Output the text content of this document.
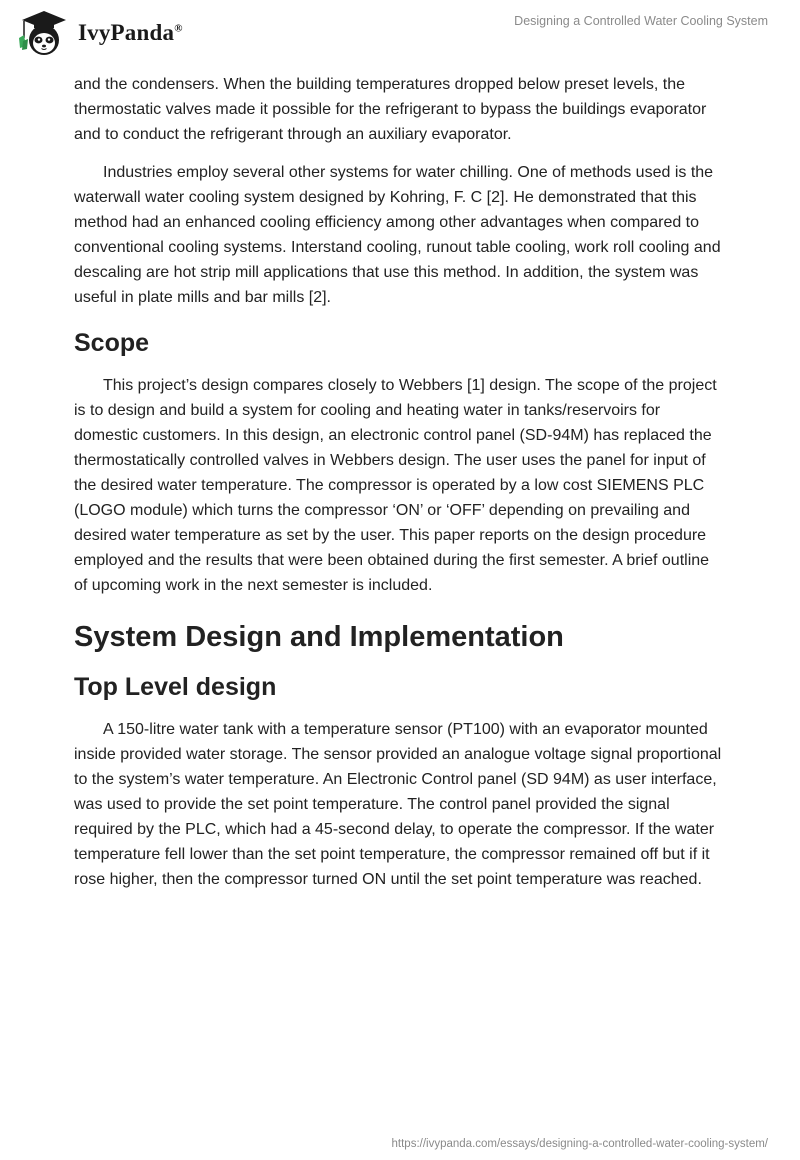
IvyPanda®
Designing a Controlled Water Cooling System

and the condensers. When the building temperatures dropped below preset levels, the thermostatic valves made it possible for the refrigerant to bypass the buildings evaporator and to conduct the refrigerant through an auxiliary evaporator.

Industries employ several other systems for water chilling. One of methods used is the waterwall water cooling system designed by Kohring, F. C [2]. He demonstrated that this method had an enhanced cooling efficiency among other advantages when compared to conventional cooling systems. Interstand cooling, runout table cooling, work roll cooling and descaling are hot strip mill applications that use this method. In addition, the system was useful in plate mills and bar mills [2].

Scope

This project’s design compares closely to Webbers [1] design. The scope of the project is to design and build a system for cooling and heating water in tanks/reservoirs for domestic customers. In this design, an electronic control panel (SD-94M) has replaced the thermostatically controlled valves in Webbers design. The user uses the panel for input of the desired water temperature. The compressor is operated by a low cost SIEMENS PLC (LOGO module) which turns the compressor ‘ON’ or ‘OFF’ depending on prevailing and desired water temperature as set by the user. This paper reports on the design procedure employed and the results that were been obtained during the first semester. A brief outline of upcoming work in the next semester is included.

System Design and Implementation
Top Level design

A 150-litre water tank with a temperature sensor (PT100) with an evaporator mounted inside provided water storage. The sensor provided an analogue voltage signal proportional to the system’s water temperature. An Electronic Control panel (SD 94M) as user interface, was used to provide the set point temperature. The control panel provided the signal required by the PLC, which had a 45-second delay, to operate the compressor. If the water temperature fell lower than the set point temperature, the compressor remained off but if it rose higher, then the compressor turned ON until the set point temperature was reached.

https://ivypanda.com/essays/designing-a-controlled-water-cooling-system/
